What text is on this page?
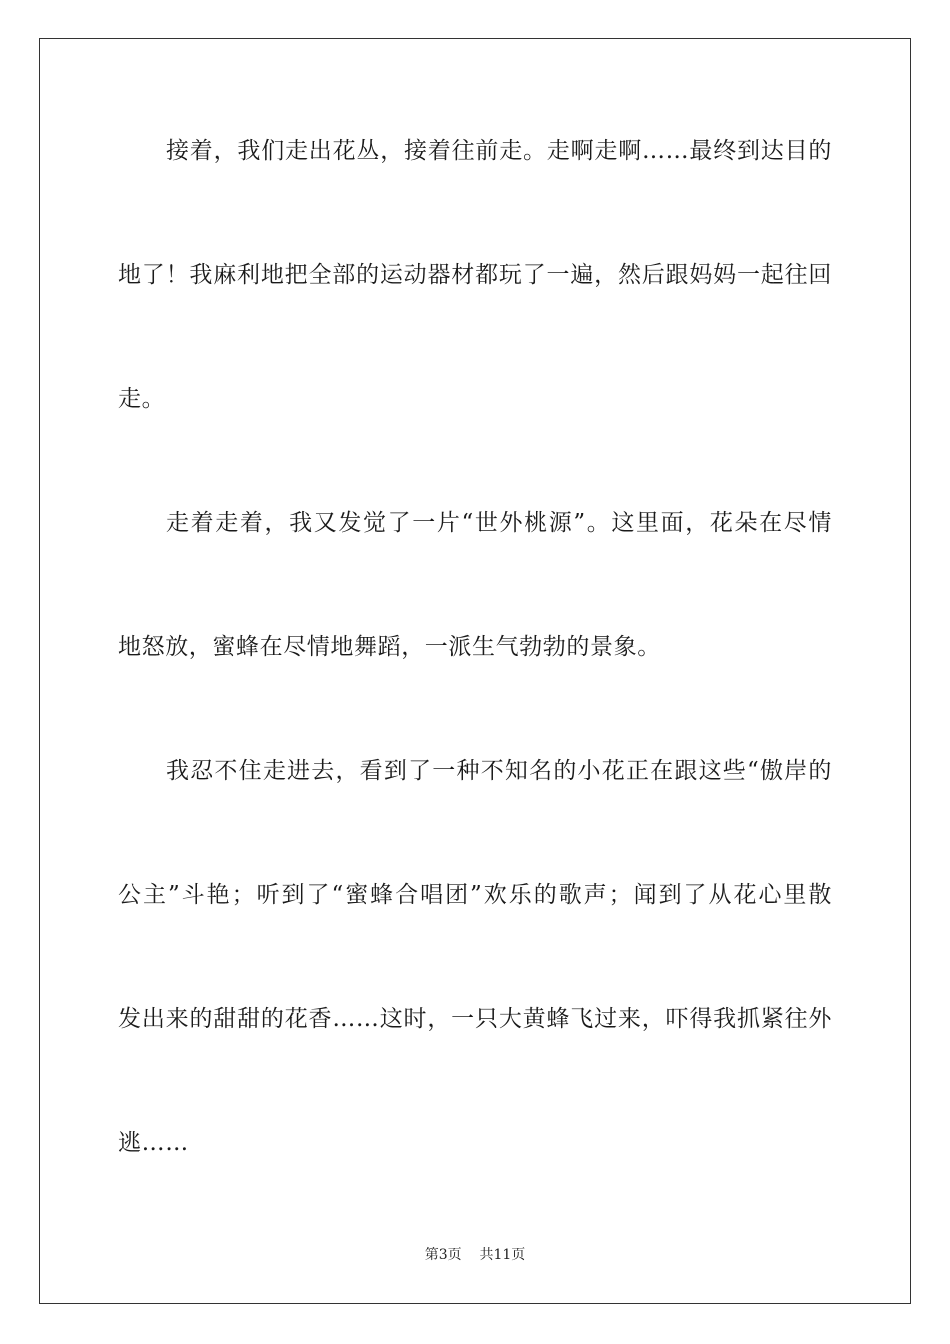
接着，我们走出花丛，接着往前走。走啊走啊……最终到达目的
地了！我麻利地把全部的运动器材都玩了一遍，然后跟妈妈一起往回
走。
走着走着，我又发觉了一片“世外桃源”。这里面，花朵在尽情
地怒放，蜜蜂在尽情地舞蹈，一派生气勃勃的景象。
我忍不住走进去，看到了一种不知名的小花正在跟这些“傲岸的
公主”斗艳；听到了“蜜蜂合唱团”欢乐的歌声；闻到了从花心里散
发出来的甜甜的花香……这时，一只大黄蜂飞过来，吓得我抓紧往外
逃……
第3页    共11页
